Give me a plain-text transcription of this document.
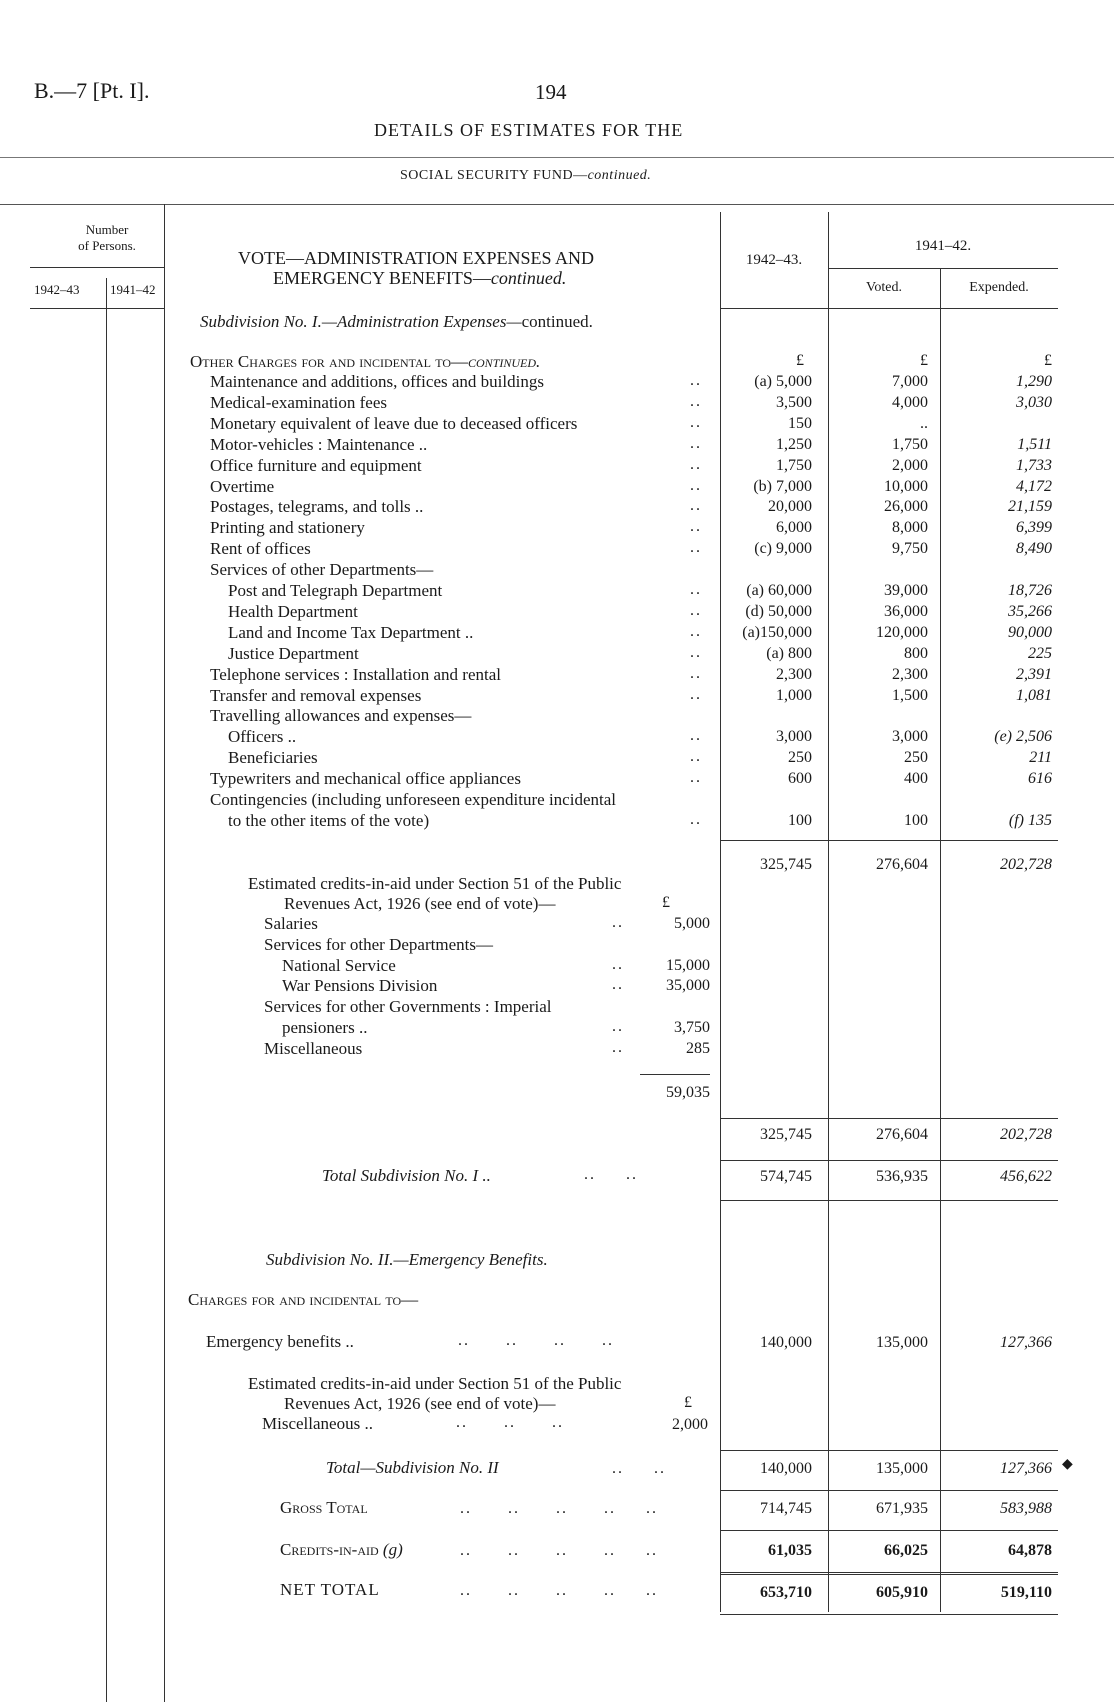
B.—7 [Pt. I].	194
DETAILS OF ESTIMATES FOR THE
SOCIAL SECURITY FUND—continued.
Number
of Persons.
1942–43 1941–42
1942–43.
1941–42.
Voted.	Expended.
VOTE—ADMINISTRATION EXPENSES AND
EMERGENCY BENEFITS—continued.
Subdivision No. I.—Administration Expenses—continued.
Other Charges for and incidental to—continued.	£	£	£
Maintenance and additions, offices and buildings	..	(a) 5,000	7,000	1,290
Medical-examination fees	..	3,500	4,000	3,030
Monetary equivalent of leave due to deceased officers	..	150	..
Motor-vehicles : Maintenance ..	..	1,250	1,750	1,511
Office furniture and equipment	..	1,750	2,000	1,733
Overtime	..	(b) 7,000	10,000	4,172
Postages, telegrams, and tolls ..	..	20,000	26,000	21,159
Printing and stationery	..	6,000	8,000	6,399
Rent of offices	..	(c) 9,000	9,750	8,490
Services of other Departments—
Post and Telegraph Department	..	(a) 60,000	39,000	18,726
Health Department	..	(d) 50,000	36,000	35,266
Land and Income Tax Department ..	..	(a)150,000	120,000	90,000
Justice Department	..	(a) 800	800	225
Telephone services : Installation and rental	..	2,300	2,300	2,391
Transfer and removal expenses	..	1,000	1,500	1,081
Travelling allowances and expenses—
Officers ..	..	3,000	3,000	(e) 2,506
Beneficiaries	..	250	250	211
Typewriters and mechanical office appliances	..	600	400	616
Contingencies (including unforeseen expenditure incidental
to the other items of the vote)	..	100	100	(f) 135
325,745	276,604	202,728
Estimated credits-in-aid under Section 51 of the Public
Revenues Act, 1926 (see end of vote)—	£
Salaries	..	5,000
Services for other Departments—
National Service	..	15,000
War Pensions Division	..	35,000
Services for other Governments : Imperial
pensioners ..	..	3,750
Miscellaneous	..	285
59,035
325,745	276,604	202,728
Total Subdivision No. I ..	..     ..	574,745	536,935	456,622
Subdivision No. II.—Emergency Benefits.
Charges for and incidental to—
Emergency benefits ..	..      ..      ..      ..	140,000	135,000	127,366
Estimated credits-in-aid under Section 51 of the Public
Revenues Act, 1926 (see end of vote)—	£
Miscellaneous ..	..      ..      ..	2,000
Total—Subdivision No. II	..     ..	140,000	135,000	127,366 ◆
Gross Total	..      ..      ..      ..     ..	714,745	671,935	583,988
Credits-in-aid (g)	..      ..      ..      ..     ..	61,035	66,025	64,878
NET TOTAL	..      ..      ..      ..     ..	653,710	605,910	519,110
